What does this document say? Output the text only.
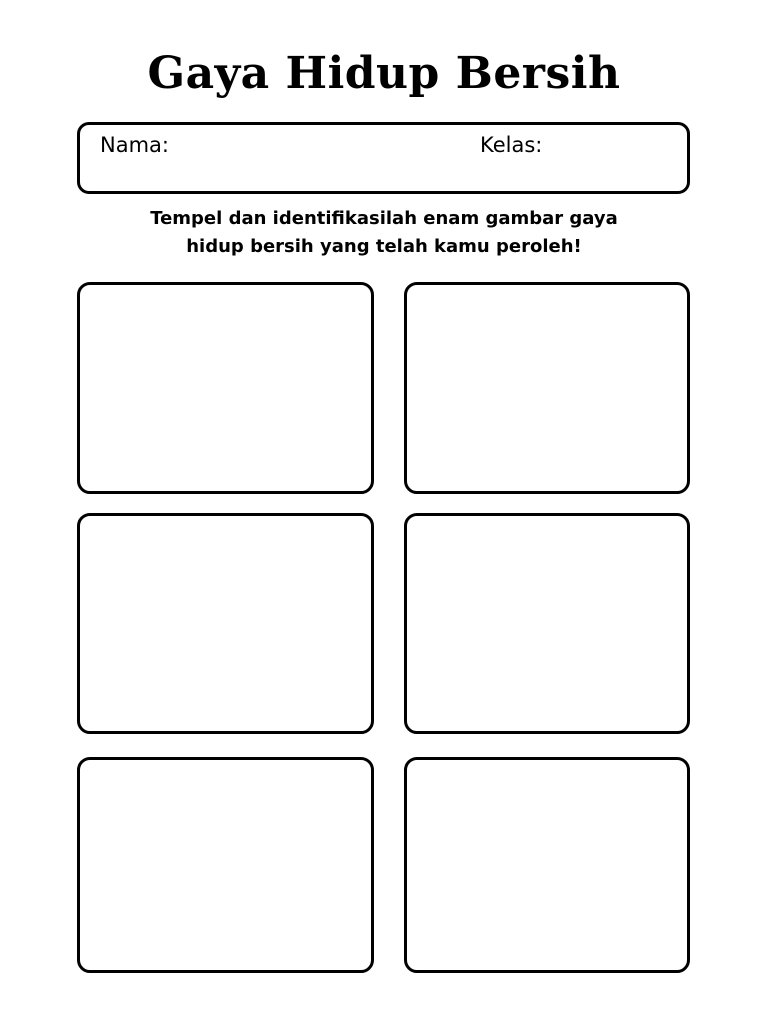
Gaya Hidup Bersih
Nama:	Kelas:

Tempel dan identifikasilah enam gambar gaya
hidup bersih yang telah kamu peroleh!
